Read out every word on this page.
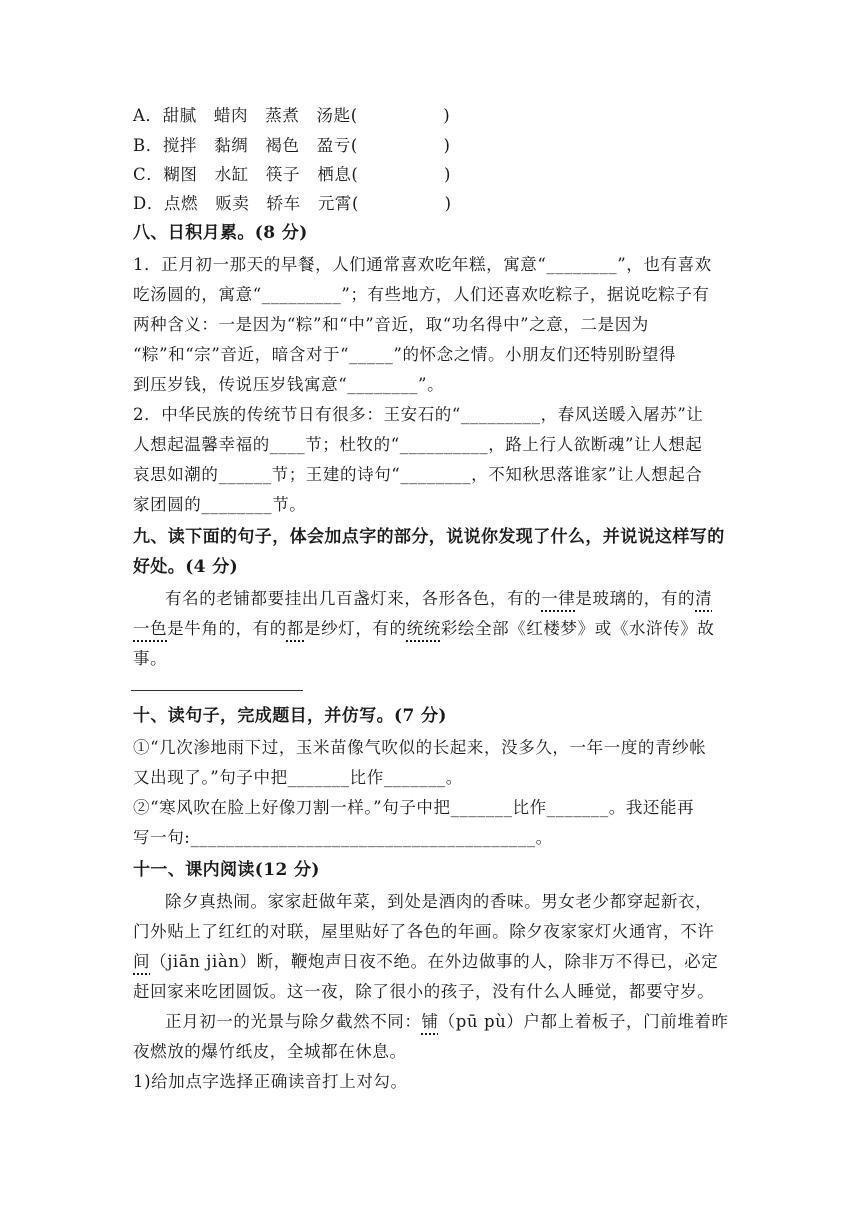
A．甜腻　蜡肉　蒸煮　汤匙(　　　　　)
B．搅拌　黏绸　褐色　盈亏(　　　　　)
C．糊图　水缸　筷子　栖息(　　　　　)
D．点燃　贩卖　轿车　元霄(　　　　　)
八、日积月累。(8 分)
1．正月初一那天的早餐，人们通常喜欢吃年糕，寓意“________”，也有喜欢
吃汤圆的，寓意“_________”；有些地方，人们还喜欢吃粽子，据说吃粽子有
两种含义：一是因为“粽”和“中”音近，取“功名得中”之意，二是因为
“粽”和“宗”音近，暗含对于“_____”的怀念之情。小朋友们还特别盼望得
到压岁钱，传说压岁钱寓意“________”。
2．中华民族的传统节日有很多：王安石的“_________，春风送暖入屠苏”让
人想起温馨幸福的____节；杜牧的“__________，路上行人欲断魂”让人想起
哀思如潮的______节；王建的诗句“________，不知秋思落谁家”让人想起合
家团圆的________节。
九、读下面的句子，体会加点字的部分，说说你发现了什么，并说说这样写的
好处。(4 分)
有名的老铺都要挂出几百盏灯来，各形各色，有的一律是玻璃的，有的清
一色是牛角的，有的都是纱灯，有的统统彩绘全部《红楼梦》或《水浒传》故
事。
十、读句子，完成题目，并仿写。(7 分)
①“几次渗地雨下过，玉米苗像气吹似的长起来，没多久，一年一度的青纱帐
又出现了。”句子中把_______比作_______。
②“寒风吹在脸上好像刀割一样。”句子中把_______比作_______。我还能再
写一句:_______________________________________。
十一、课内阅读(12 分)
除夕真热闹。家家赶做年菜，到处是酒肉的香味。男女老少都穿起新衣，
门外贴上了红红的对联，屋里贴好了各色的年画。除夕夜家家灯火通宵，不许
间（jiān jiàn）断，鞭炮声日夜不绝。在外边做事的人，除非万不得已，必定
赶回家来吃团圆饭。这一夜，除了很小的孩子，没有什么人睡觉，都要守岁。
正月初一的光景与除夕截然不同：铺（pū pù）户都上着板子，门前堆着昨
夜燃放的爆竹纸皮，全城都在休息。
1)给加点字选择正确读音打上对勾。
